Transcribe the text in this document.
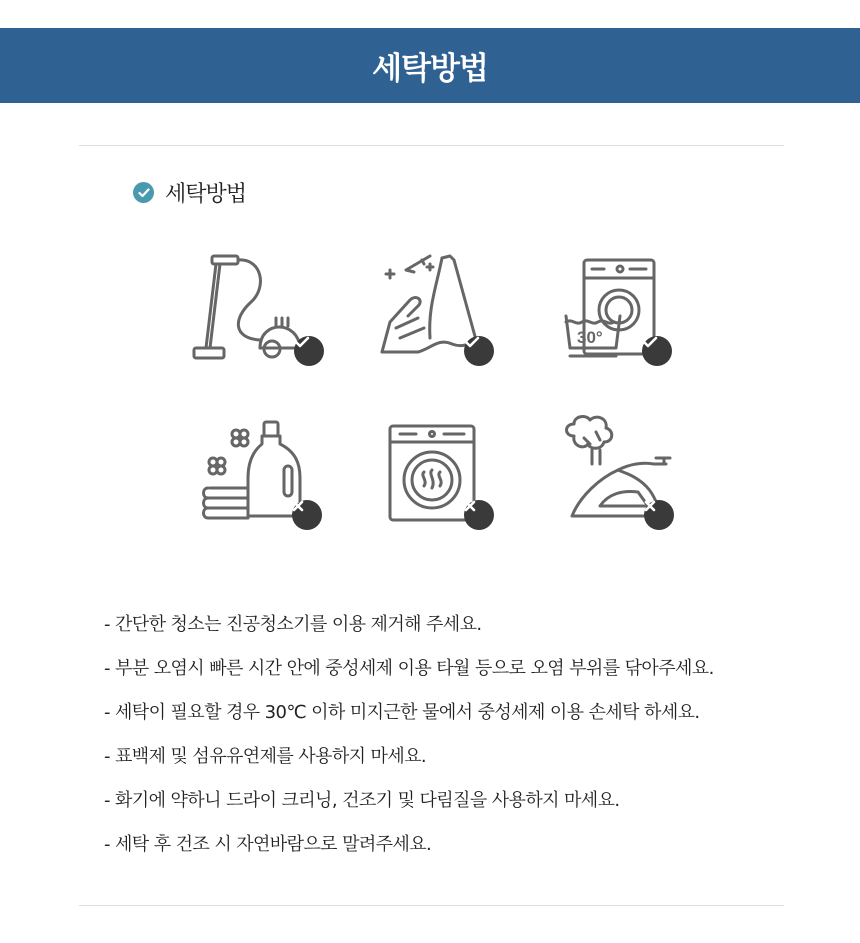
세탁방법
세탁방법
30°
- 간단한 청소는 진공청소기를 이용 제거해 주세요.
- 부분 오염시 빠른 시간 안에 중성세제 이용 타월 등으로 오염 부위를 닦아주세요.
- 세탁이 필요할 경우 30℃ 이하 미지근한 물에서 중성세제 이용 손세탁 하세요.
- 표백제 및 섬유유연제를 사용하지 마세요.
- 화기에 약하니 드라이 크리닝, 건조기 및 다림질을 사용하지 마세요.
- 세탁 후 건조 시 자연바람으로 말려주세요.
